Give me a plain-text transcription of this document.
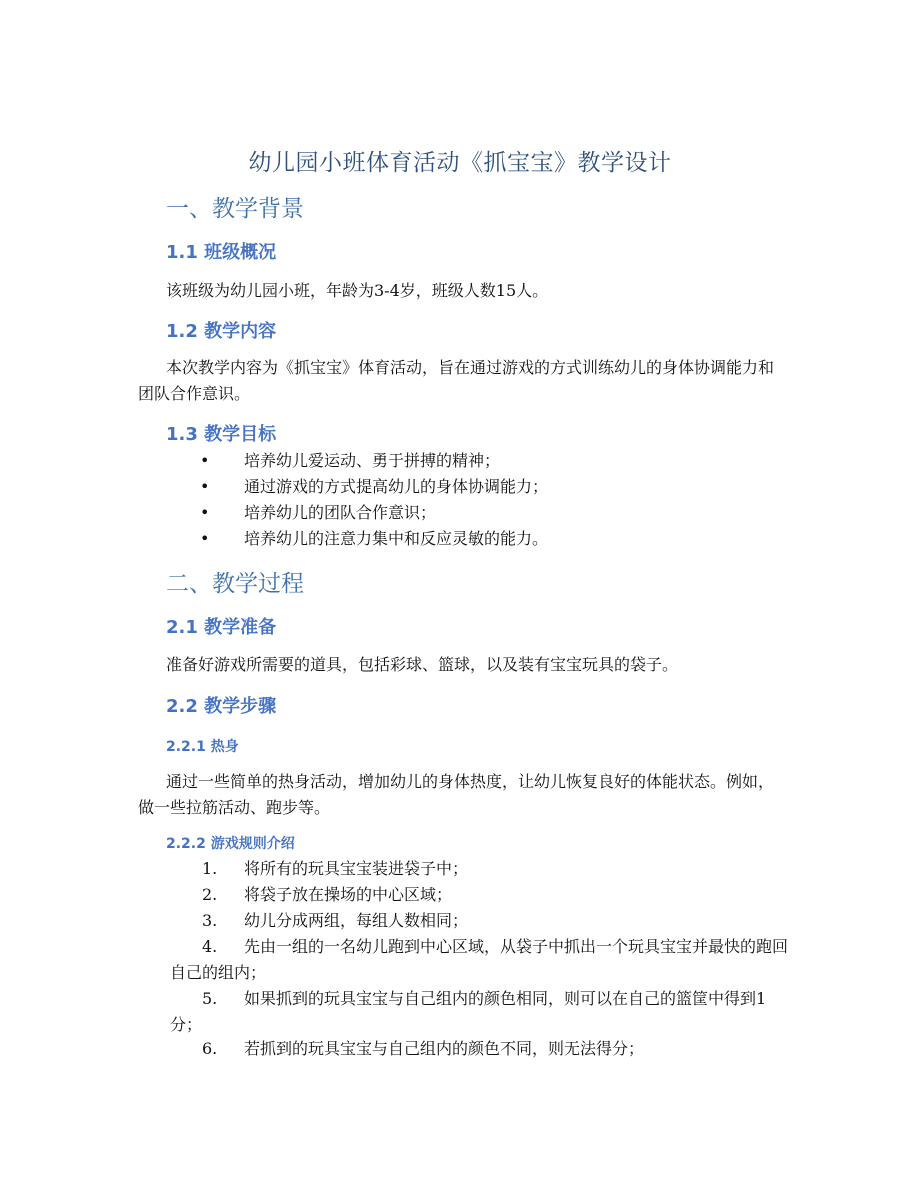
幼儿园小班体育活动《抓宝宝》教学设计
一、教学背景
1.1 班级概况

该班级为幼儿园小班，年龄为3-4岁，班级人数15人。

1.2 教学内容

本次教学内容为《抓宝宝》体育活动，旨在通过游戏的方式训练幼儿的身体协调能力和团队合作意识。

1.3 教学目标
• 培养幼儿爱运动、勇于拼搏的精神；
• 通过游戏的方式提高幼儿的身体协调能力；
• 培养幼儿的团队合作意识；
• 培养幼儿的注意力集中和反应灵敏的能力。
二、教学过程
2.1 教学准备

准备好游戏所需要的道具，包括彩球、篮球，以及装有宝宝玩具的袋子。

2.2 教学步骤
2.2.1 热身

通过一些简单的热身活动，增加幼儿的身体热度，让幼儿恢复良好的体能状态。例如，做一些拉筋活动、跑步等。

2.2.2 游戏规则介绍
1.	将所有的玩具宝宝装进袋子中；
2.	将袋子放在操场的中心区域；
3.	幼儿分成两组，每组人数相同；
4.	先由一组的一名幼儿跑到中心区域，从袋子中抓出一个玩具宝宝并最快的跑回自己的组内；
5.	如果抓到的玩具宝宝与自己组内的颜色相同，则可以在自己的篮筐中得到1分；
6.	若抓到的玩具宝宝与自己组内的颜色不同，则无法得分；
